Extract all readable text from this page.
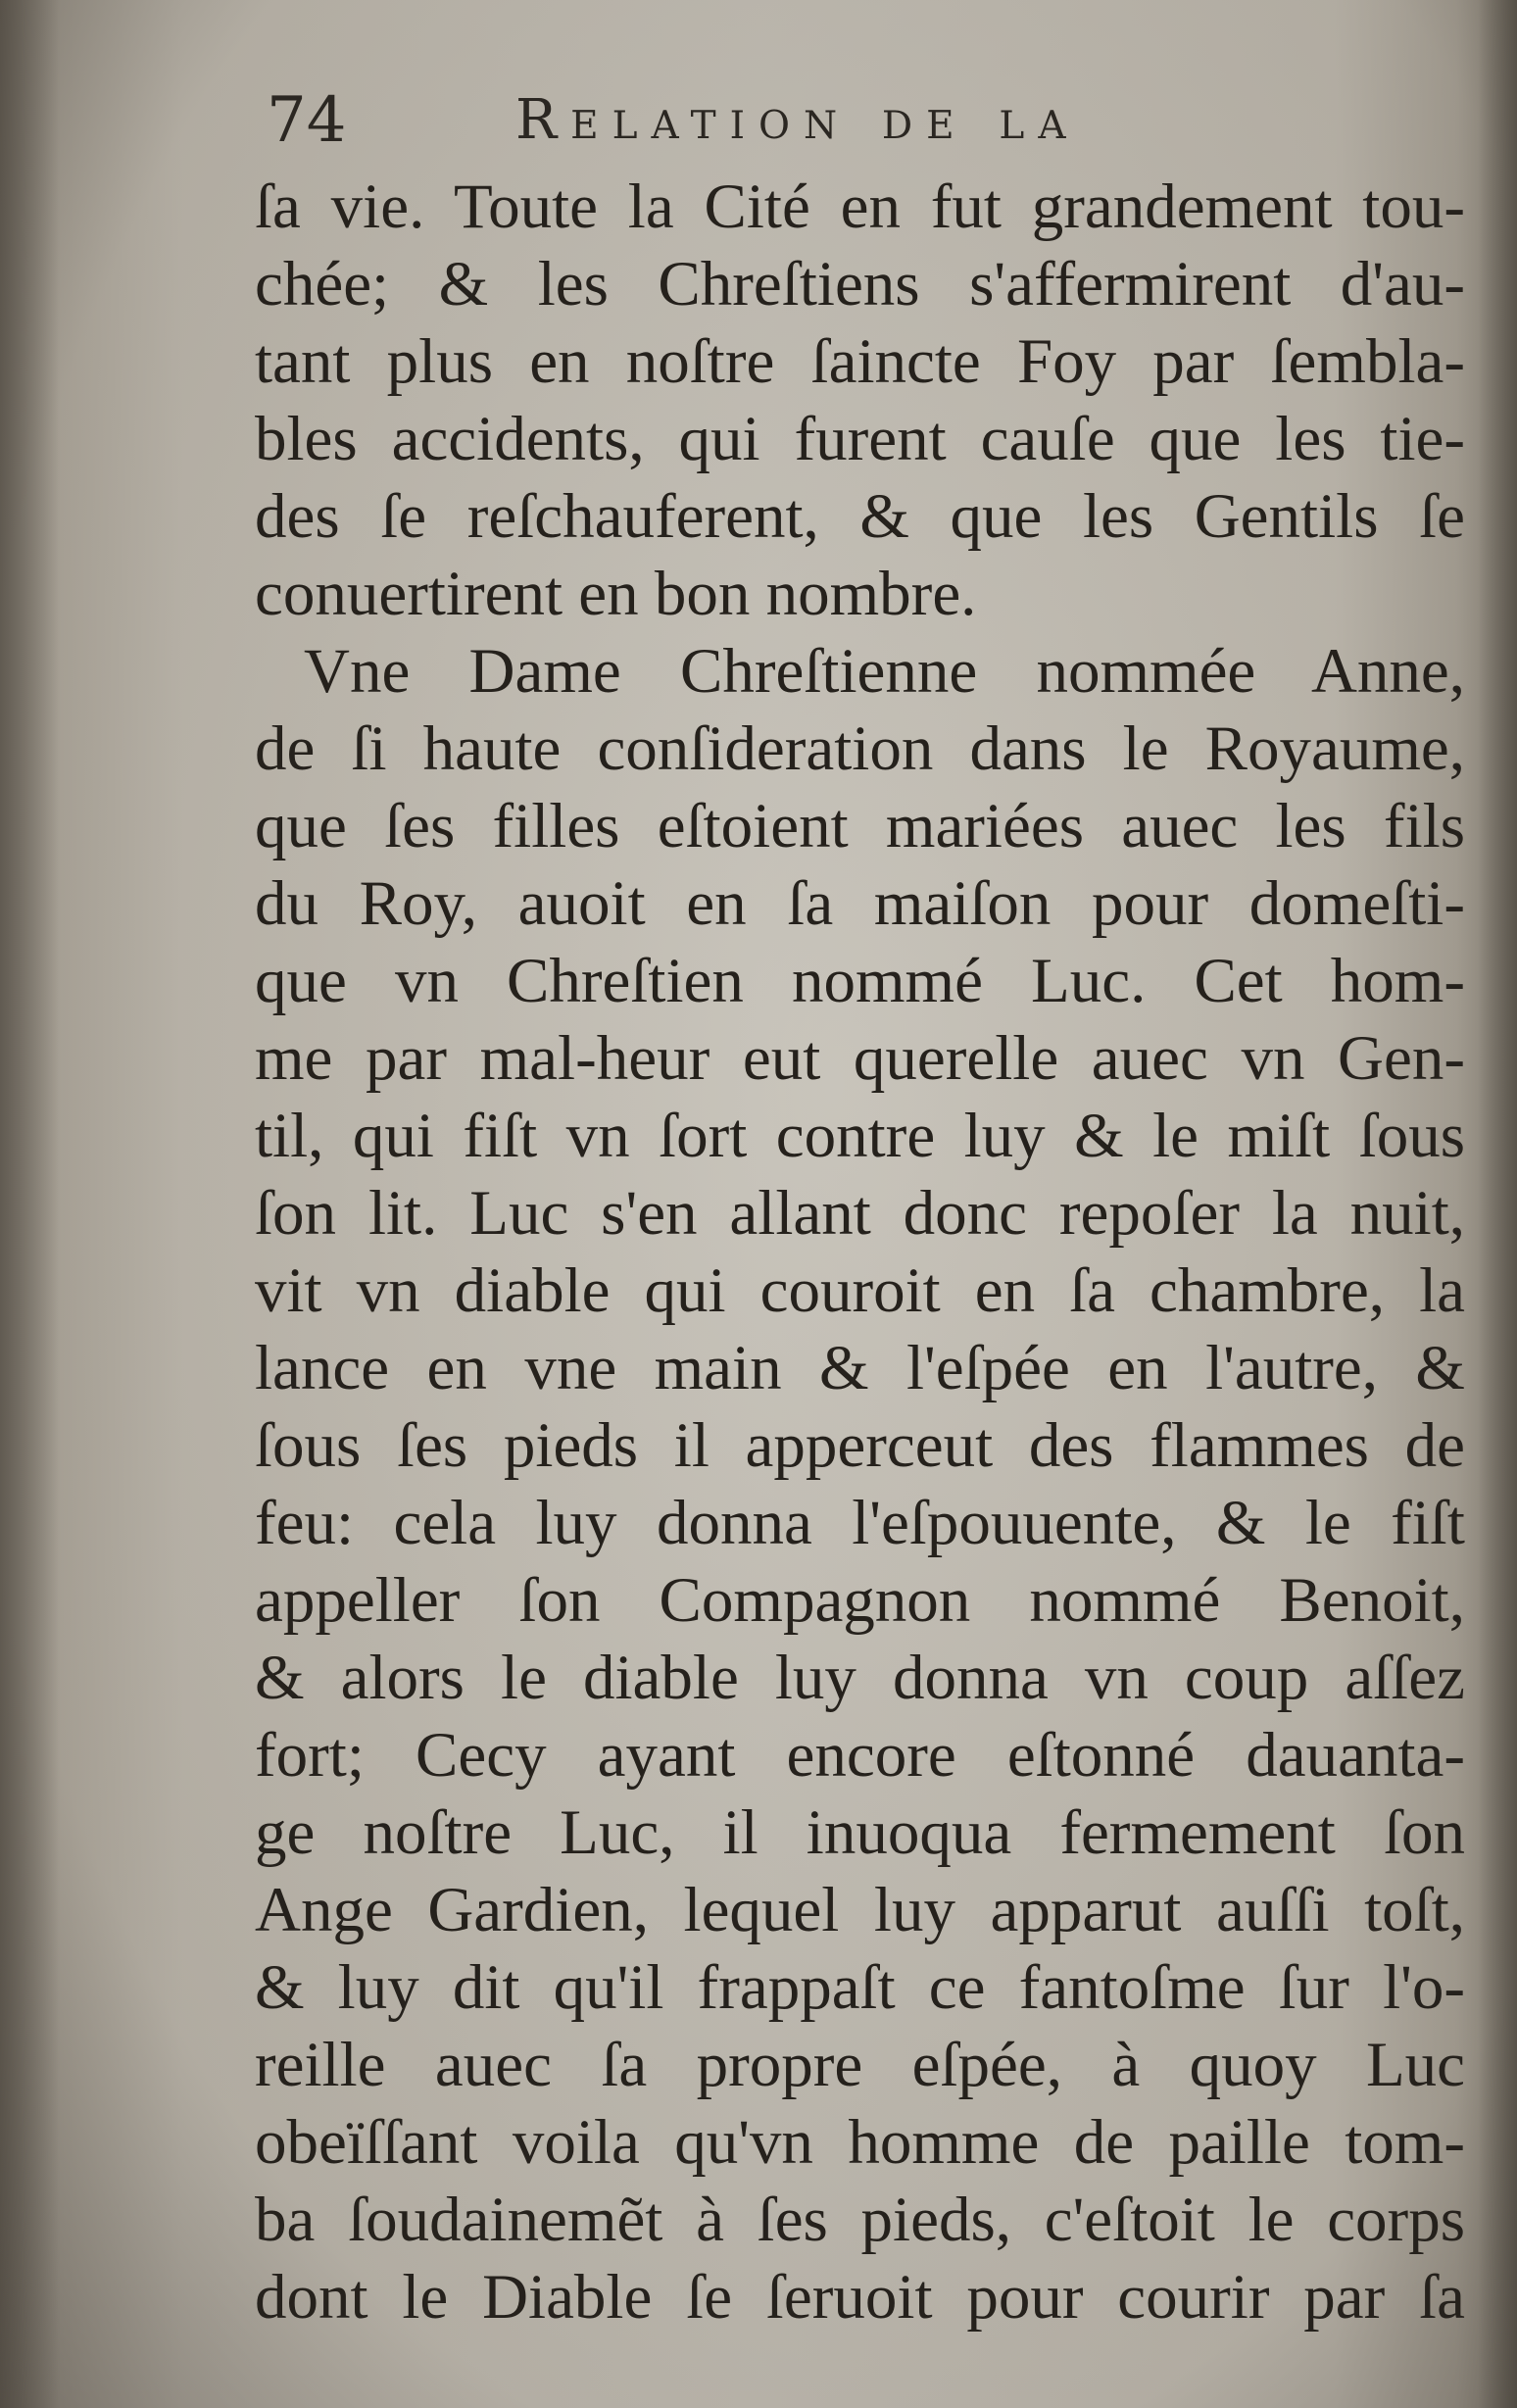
74	Relation de la
ſa vie. Toute la Cité en fut grandement tou-
chée; & les Chreſtiens s'affermirent d'au-
tant plus en noſtre ſaincte Foy par ſembla-
bles accidents, qui furent cauſe que les tie-
des ſe reſchauferent, & que les Gentils ſe
conuertirent en bon nombre.
Vne Dame Chreſtienne nommée Anne,
de ſi haute conſideration dans le Royaume,
que ſes filles eſtoient mariées auec les fils
du Roy, auoit en ſa maiſon pour domeſti-
que vn Chreſtien nommé Luc. Cet hom-
me par mal-heur eut querelle auec vn Gen-
til, qui fiſt vn ſort contre luy & le miſt ſous
ſon lit. Luc s'en allant donc repoſer la nuit,
vit vn diable qui couroit en ſa chambre, la
lance en vne main & l'eſpée en l'autre, &
ſous ſes pieds il apperceut des flammes de
feu: cela luy donna l'eſpouuente, & le fiſt
appeller ſon Compagnon nommé Benoit,
& alors le diable luy donna vn coup aſſez
fort; Cecy ayant encore eſtonné dauanta-
ge noſtre Luc, il inuoqua fermement ſon
Ange Gardien, lequel luy apparut auſſi toſt,
& luy dit qu'il frappaſt ce fantoſme ſur l'o-
reille auec ſa propre eſpée, à quoy Luc
obeïſſant voila qu'vn homme de paille tom-
ba ſoudainemẽt à ſes pieds, c'eſtoit le corps
dont le Diable ſe ſeruoit pour courir par ſa
